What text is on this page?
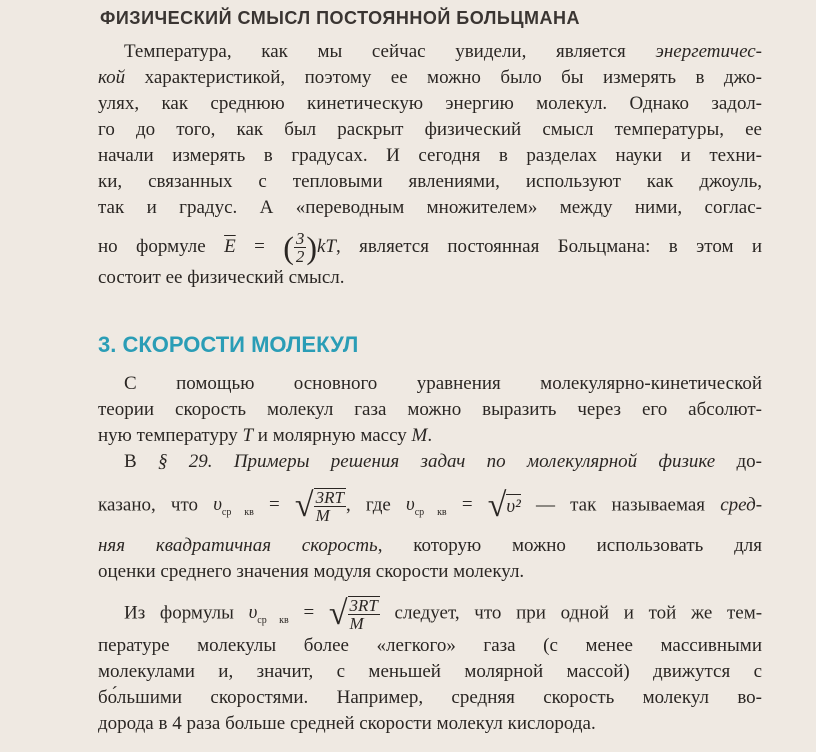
ФИЗИЧЕСКИЙ СМЫСЛ ПОСТОЯННОЙ БОЛЬЦМАНА
Температура, как мы сейчас увидели, является энергетичес-
кой характеристикой, поэтому ее можно было бы измерять в джо-
улях, как среднюю кинетическую энергию молекул. Однако задол-
го до того, как был раскрыт физический смысл температуры, ее
начали измерять в градусах. И сегодня в разделах науки и техни-
ки, связанных с тепловыми явлениями, используют как джоуль,
так и градус. А «переводным множителем» между ними, соглас-
но формуле $\overline{E}$ = ( $\frac{3}{2} )kT$, является постоянная Больцмана: в этом и
состоит ее физический смысл.
3. СКОРОСТИ МОЛЕКУЛ
С помощью основного уравнения молекулярно-кинетической
теории скорость молекул газа можно выразить через его абсолют-
ную температуру T и молярную массу M.
В § 29. Примеры решения задач по молекулярной физике до-
казано, что $\upsilon_{ср кв}$ = √ $\frac{3RT}{M}$ , где $\upsilon_{ср кв} = √\upsilon^2$ — так называемая сред-
няя квадратичная скорость, которую можно использовать для
оценки среднего значения модуля скорости молекул.
Из формулы $\upsilon_{ср кв}$ = √ $\frac{3RT}{M}$ следует, что при одной и той же тем-
пературе молекулы более «легкого» газа (с менее массивными
молекулами и, значит, с меньшей молярной массой) движутся с
бо́льшими скоростями. Например, средняя скорость молекул во-
дорода в 4 раза больше средней скорости молекул кислорода.
